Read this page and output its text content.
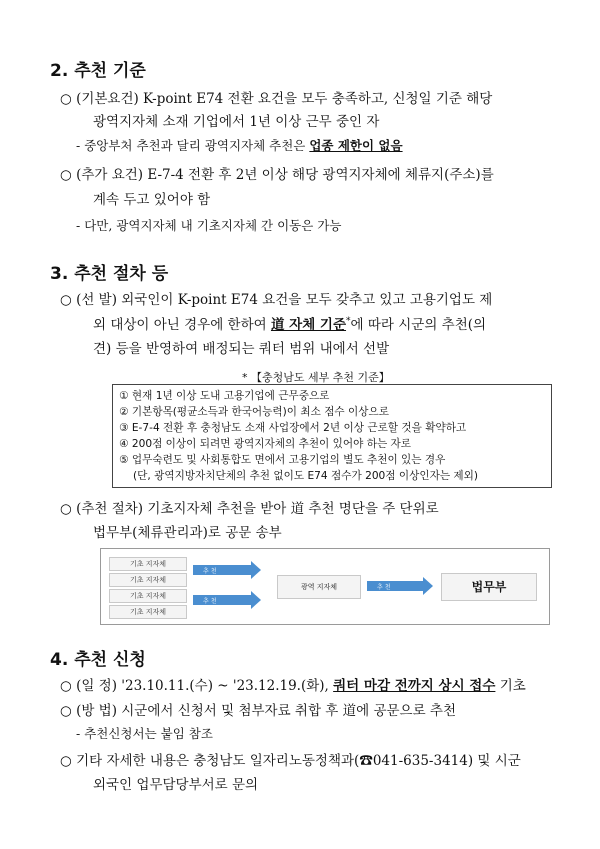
2. 추천 기준
○ (기본요건) K-point E74 전환 요건을 모두 충족하고, 신청일 기준 해당
광역지자체 소재 기업에서 1년 이상 근무 중인 자
- 중앙부처 추천과 달리 광역지자체 추천은 업종 제한이 없음
○ (추가 요건) E-7-4 전환 후 2년 이상 해당 광역지자체에 체류지(주소)를
계속 두고 있어야 함
- 다만, 광역지자체 내 기초지자체 간 이동은 가능
3. 추천 절차 등
○ (선 발) 외국인이 K-point E74 요건을 모두 갖추고 있고 고용기업도 제
외 대상이 아닌 경우에 한하여 道 자체 기준*에 따라 시군의 추천(의
견) 등을 반영하여 배정되는 쿼터 범위 내에서 선발
* 【충청남도 세부 추천 기준】
① 현재 1년 이상 도내 고용기업에 근무중으로
② 기본항목(평균소득과 한국어능력)이 최소 점수 이상으로
③ E-7-4 전환 후 충청남도 소재 사업장에서 2년 이상 근로할 것을 확약하고
④ 200점 이상이 되려면 광역지자체의 추천이 있어야 하는 자로
⑤ 업무숙련도 및 사회통합도 면에서 고용기업의 별도 추천이 있는 경우
(단, 광역지방자치단체의 추천 없이도 E74 점수가 200점 이상인자는 제외)
○ (추천 절차) 기초지자체 추천을 받아 道 추천 명단을 주 단위로
법무부(체류관리과)로 공문 송부
기초 지자체
기초 지자체
기초 지자체
기초 지자체
추 천
추 천
광역 지자체	추 천	법무부
4. 추천 신청
○ (일 정) '23.10.11.(수) ~ '23.12.19.(화), 쿼터 마감 전까지 상시 접수 기초
○ (방 법) 시군에서 신청서 및 첨부자료 취합 후 道에 공문으로 추천
- 추천신청서는 붙임 참조
○ 기타 자세한 내용은 충청남도 일자리노동정책과(☎041-635-3414) 및 시군
외국인 업무담당부서로 문의
